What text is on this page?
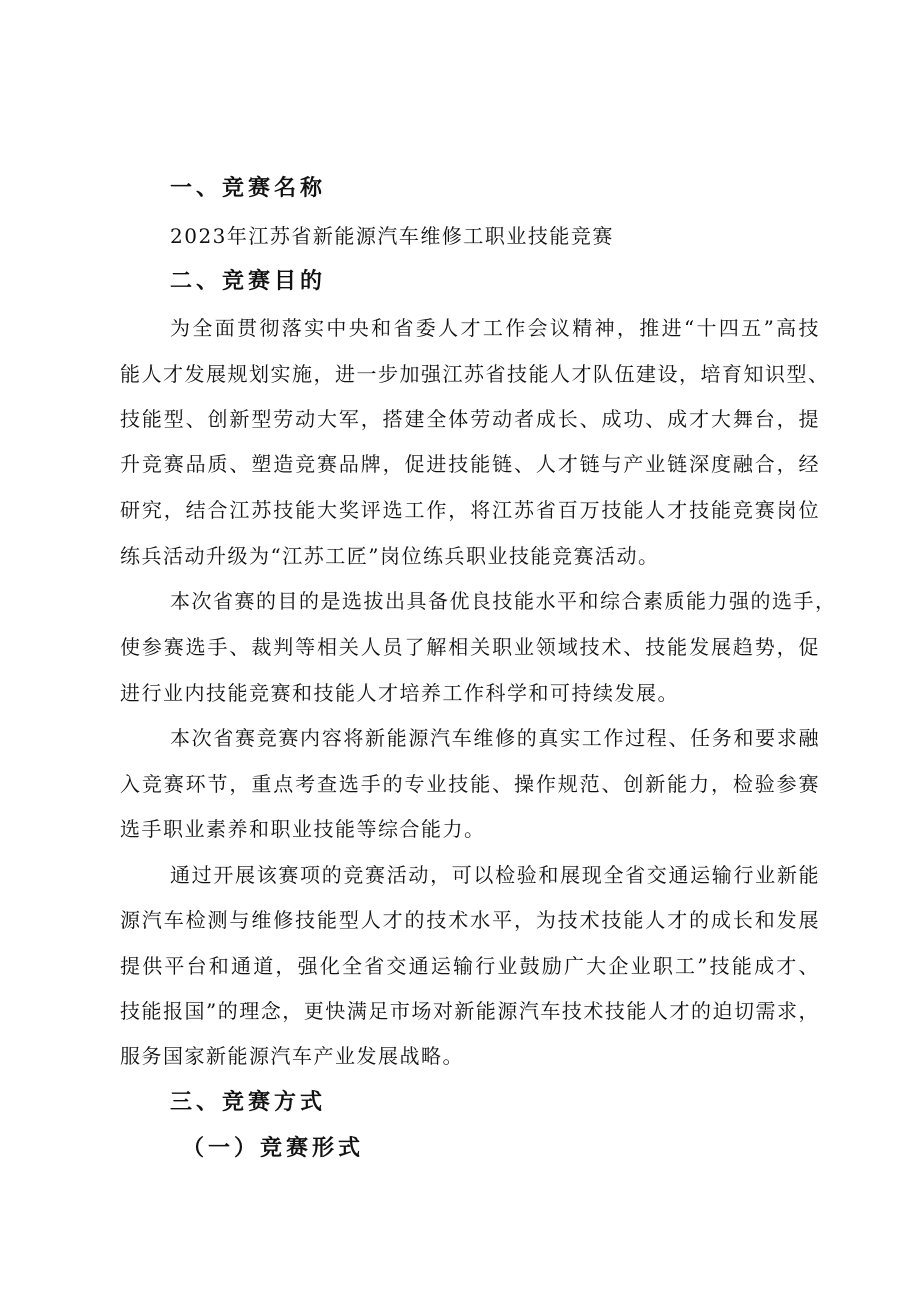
一、竞赛名称
2023年江苏省新能源汽车维修工职业技能竞赛
二、竞赛目的
为全面贯彻落实中央和省委人才工作会议精神，推进“十四五”高技
能人才发展规划实施，进一步加强江苏省技能人才队伍建设，培育知识型、
技能型、创新型劳动大军，搭建全体劳动者成长、成功、成才大舞台，提
升竞赛品质、塑造竞赛品牌，促进技能链、人才链与产业链深度融合，经
研究，结合江苏技能大奖评选工作，将江苏省百万技能人才技能竞赛岗位
练兵活动升级为“江苏工匠”岗位练兵职业技能竞赛活动。
本次省赛的目的是选拔出具备优良技能水平和综合素质能力强的选手，
使参赛选手、裁判等相关人员了解相关职业领域技术、技能发展趋势，促
进行业内技能竞赛和技能人才培养工作科学和可持续发展。
本次省赛竞赛内容将新能源汽车维修的真实工作过程、任务和要求融
入竞赛环节，重点考查选手的专业技能、操作规范、创新能力，检验参赛
选手职业素养和职业技能等综合能力。
通过开展该赛项的竞赛活动，可以检验和展现全省交通运输行业新能
源汽车检测与维修技能型人才的技术水平，为技术技能人才的成长和发展
提供平台和通道，强化全省交通运输行业鼓励广大企业职工”技能成才、
技能报国”的理念，更快满足市场对新能源汽车技术技能人才的迫切需求，
服务国家新能源汽车产业发展战略。
三、竞赛方式
（一）竞赛形式
